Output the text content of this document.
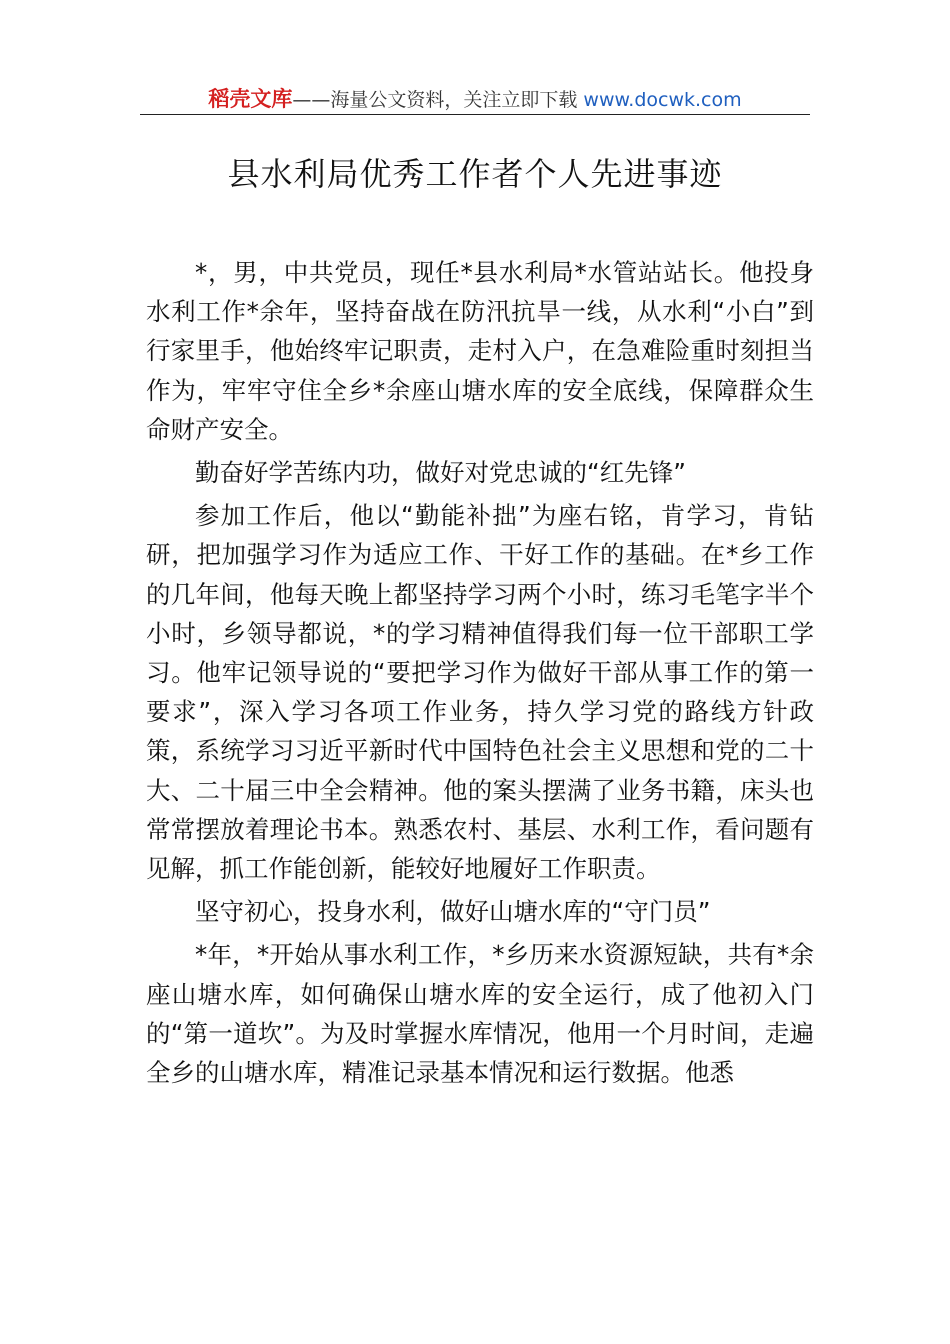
稻壳文库——海量公文资料，关注立即下载 www.docwk.com
县水利局优秀工作者个人先进事迹

*，男，中共党员，现任*县水利局*水管站站长。他投身水利工作*余年，坚持奋战在防汛抗旱一线，从水利“小白”到行家里手，他始终牢记职责，走村入户，在急难险重时刻担当作为，牢牢守住全乡*余座山塘水库的安全底线，保障群众生命财产安全。

勤奋好学苦练内功，做好对党忠诚的“红先锋”

参加工作后，他以“勤能补拙”为座右铭，肯学习，肯钻研，把加强学习作为适应工作、干好工作的基础。在*乡工作的几年间，他每天晚上都坚持学习两个小时，练习毛笔字半个小时，乡领导都说，*的学习精神值得我们每一位干部职工学习。他牢记领导说的“要把学习作为做好干部从事工作的第一要求”，深入学习各项工作业务，持久学习党的路线方针政策，系统学习习近平新时代中国特色社会主义思想和党的二十大、二十届三中全会精神。他的案头摆满了业务书籍，床头也常常摆放着理论书本。熟悉农村、基层、水利工作，看问题有见解，抓工作能创新，能较好地履好工作职责。

坚守初心，投身水利，做好山塘水库的“守门员”

*年，*开始从事水利工作，*乡历来水资源短缺，共有*余座山塘水库，如何确保山塘水库的安全运行，成了他初入门的“第一道坎”。为及时掌握水库情况，他用一个月时间，走遍全乡的山塘水库，精准记录基本情况和运行数据。他悉
